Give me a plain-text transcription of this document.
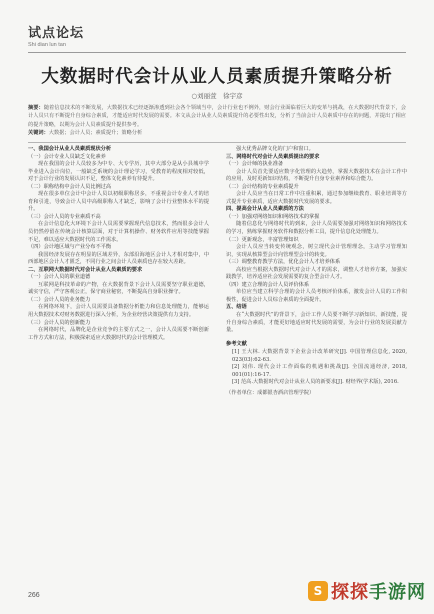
试点论坛
Shi dian lun tan
大数据时代会计从业人员素质提升策略分析
○刘丽萱　徐宇彦
摘要：随着信息技术的不断发展，大数据技术已经逐渐渗透到社会各个领域当中，会计行业也不例外，财会行业面临着巨大的变革与挑战，在大数据时代背景下，会计人员只有不断提升自身综合素质，才能适应时代发展的需要。本文从会计从业人员素质提升的必要性出发，分析了当前会计人员素质中存在的问题，并提出了相应的提升策略，以期为会计人员素质提升提供参考。
关键词：大数据；会计人员；素质提升；策略分析
一、我国会计从业人员素质现状分析
（一）会计专业人员缺乏文化素养

现在我国的会计人员较多为中专、大专学历，其中大部分是从小县城中学毕业进入会计岗位，一般缺乏系统的会计理论学习，受教育的程度相对较低，对于会计行业的发展认识不足，整体文化素养有待提升。

（二）职称结构中会计人员比例过高

现在很多单位会计中会计人员以初级职称居多，不重视会计专业人才的培育和引进，导致会计人员中高级职称人才缺乏，影响了会计行业整体水平的提升。

（三）会计人员的专业素质不高

在会计信息化大环境下会计人员需要掌握现代信息技术，然而很多会计人员仍然停留在传统会计核算层面，对于计算机操作、财务软件应用等技能掌握不足，难以适应大数据时代的工作需求。

（四）会计地区域与产业分布不平衡

我国经济发展存在明显的区域差异，东部沿海地区会计人才相对集中，中西部地区会计人才匮乏，不同行业之间会计人员素质也存在较大差距。

二、互联网大数据时代对会计从业人员素质的要求
（一）会计人员的职业道德

互联网是科技革命的产物，在大数据背景下会计人员需要坚守职业道德，诚实守信，严守客观公正，保守商业秘密，不断提高自身职业操守。

（二）会计人员的业务能力

在网络环境下，会计人员需要具备数据分析能力和信息处理能力，能够运用大数据技术对财务数据进行深入分析，为企业经营决策提供有力支持。

（三）会计人员的创新能力

在网络时代，品牌化是企业竞争的主要方式之一，会计人员需要不断创新工作方式和方法，积极探索适应大数据时代的会计管理模式。

强大优秀品牌文化的门户和窗口。

三、网络时代对会计人员素质提出的要求
（一）会计师的执业准备

会计人员首先要适应数字化管理的大趋势，掌握大数据技术在会计工作中的应用，及时更新知识结构，不断提升自身专业素养和综合能力。

（二）会计结构的专业素质提升

会计人员应当在日常工作中注重积累，通过参加继续教育、职业培训等方式提升专业素质，适应大数据时代发展的要求。

四、提高会计从业人员素质的方法
（一）加强对网络知识和网络技术的掌握

随着信息化与网络时代的到来，会计人员需要加强对网络知识和网络技术的学习，熟练掌握财务软件和数据分析工具，提升信息化处理能力。

（二）更新观念，丰富管理知识

会计人员应当转变传统观念，树立现代会计管理理念，主动学习管理知识，实现从核算型会计向管理型会计的转变。

（三）调整教育教学方法，优化会计人才培养体系

高校应当根据大数据时代对会计人才的需求，调整人才培养方案，加强实践教学，培养适应社会发展需要的复合型会计人才。

（四）建立合理的会计人员评价体系

单位应当建立科学合理的会计人员考核评价体系，激发会计人员的工作积极性，促进会计人员综合素质的全面提升。

五、结语

在“大数据时代”的背景下，会计工作人员要不断学习新知识、新技能，提升自身综合素质，才能更好地适应时代发展的需要，为会计行业的发展贡献力量。

参考文献
[1] 王大林. 大数据背景下企业会计改革研究[J]. 中国管理信息化, 2020, 023(03):62-63.
[2] 刘伟. 现代会计工作面临的机遇和挑战[J]. 全国流通经济, 2018, 001(01):16-17.
[3] 范高.大数据时代对会计从业人员的新要求[J]. 财经界(学术版), 2016.
（作者单位：成都银杏酒店管理学院）
266	S 探探手游网
